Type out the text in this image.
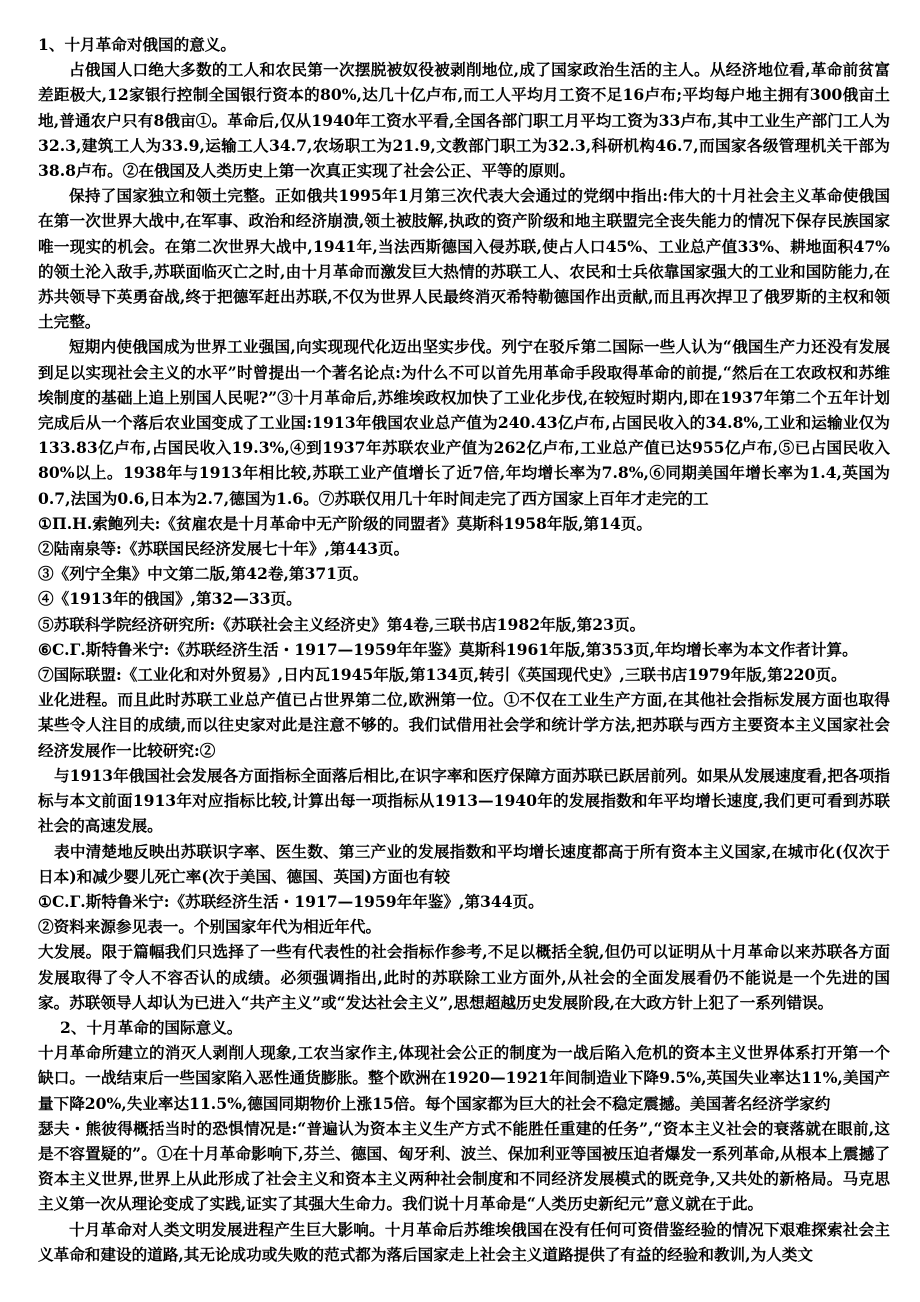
1、十月革命对俄国的意义。

占俄国人口绝大多数的工人和农民第一次摆脱被奴役被剥削地位,成了国家政治生活的主人。从经济地位看,革命前贫富差距极大,12家银行控制全国银行资本的80%,达几十亿卢布,而工人平均月工资不足16卢布;平均每户地主拥有300俄亩土地,普通农户只有8俄亩①。革命后,仅从1940年工资水平看,全国各部门职工月平均工资为33卢布,其中工业生产部门工人为32.3,建筑工人为33.9,运输工人34.7,农场职工为21.9,文教部门职工为32.3,科研机构46.7,而国家各级管理机关干部为38.8卢布。②在俄国及人类历史上第一次真正实现了社会公正、平等的原则。

保持了国家独立和领土完整。正如俄共1995年1月第三次代表大会通过的党纲中指出:伟大的十月社会主义革命使俄国在第一次世界大战中,在军事、政治和经济崩溃,领土被肢解,执政的资产阶级和地主联盟完全丧失能力的情况下保存民族国家唯一现实的机会。在第二次世界大战中,1941年,当法西斯德国入侵苏联,使占人口45%、工业总产值33%、耕地面积47%的领土沦入敌手,苏联面临灭亡之时,由十月革命而激发巨大热情的苏联工人、农民和士兵依靠国家强大的工业和国防能力,在苏共领导下英勇奋战,终于把德军赶出苏联,不仅为世界人民最终消灭希特勒德国作出贡献,而且再次捍卫了俄罗斯的主权和领土完整。

短期内使俄国成为世界工业强国,向实现现代化迈出坚实步伐。列宁在驳斥第二国际一些人认为“俄国生产力还没有发展到足以实现社会主义的水平”时曾提出一个著名论点:为什么不可以首先用革命手段取得革命的前提,“然后在工农政权和苏维埃制度的基础上追上别国人民呢?”③十月革命后,苏维埃政权加快了工业化步伐,在较短时期内,即在1937年第二个五年计划完成后从一个落后农业国变成了工业国:1913年俄国农业总产值为240.43亿卢布,占国民收入的34.8%,工业和运输业仅为133.83亿卢布,占国民收入19.3%,④到1937年苏联农业产值为262亿卢布,工业总产值已达955亿卢布,⑤已占国民收入80%以上。1938年与1913年相比较,苏联工业产值增长了近7倍,年均增长率为7.8%,⑥同期美国年增长率为1.4,英国为0.7,法国为0.6,日本为2.7,德国为1.6。⑦苏联仅用几十年时间走完了西方国家上百年才走完的工

①П.Н.索鲍列夫:《贫雇农是十月革命中无产阶级的同盟者》莫斯科1958年版,第14页。

②陆南泉等:《苏联国民经济发展七十年》,第443页。

③《列宁全集》中文第二版,第42卷,第371页。

④《1913年的俄国》,第32—33页。

⑤苏联科学院经济研究所:《苏联社会主义经济史》第4卷,三联书店1982年版,第23页。

⑥C.Г.斯特鲁米宁:《苏联经济生活・1917—1959年年鉴》莫斯科1961年版,第353页,年均增长率为本文作者计算。

⑦国际联盟:《工业化和对外贸易》,日内瓦1945年版,第134页,转引《英国现代史》,三联书店1979年版,第220页。

业化进程。而且此时苏联工业总产值已占世界第二位,欧洲第一位。①不仅在工业生产方面,在其他社会指标发展方面也取得某些令人注目的成绩,而以往史家对此是注意不够的。我们试借用社会学和统计学方法,把苏联与西方主要资本主义国家社会经济发展作一比较研究:②

与1913年俄国社会发展各方面指标全面落后相比,在识字率和医疗保障方面苏联已跃居前列。如果从发展速度看,把各项指标与本文前面1913年对应指标比较,计算出每一项指标从1913—1940年的发展指数和年平均增长速度,我们更可看到苏联社会的高速发展。

表中清楚地反映出苏联识字率、医生数、第三产业的发展指数和平均增长速度都高于所有资本主义国家,在城市化(仅次于日本)和减少婴儿死亡率(次于美国、德国、英国)方面也有较

①C.Г.斯特鲁米宁:《苏联经济生活・1917—1959年年鉴》,第344页。

②资料来源参见表一。个别国家年代为相近年代。

大发展。限于篇幅我们只选择了一些有代表性的社会指标作参考,不足以概括全貌,但仍可以证明从十月革命以来苏联各方面发展取得了令人不容否认的成绩。必须强调指出,此时的苏联除工业方面外,从社会的全面发展看仍不能说是一个先进的国家。苏联领导人却认为已进入“共产主义”或“发达社会主义”,思想超越历史发展阶段,在大政方针上犯了一系列错误。

2、十月革命的国际意义。

十月革命所建立的消灭人剥削人现象,工农当家作主,体现社会公正的制度为一战后陷入危机的资本主义世界体系打开第一个缺口。一战结束后一些国家陷入恶性通货膨胀。整个欧洲在1920—1921年间制造业下降9.5%,英国失业率达11%,美国产量下降20%,失业率达11.5%,德国同期物价上涨15倍。每个国家都为巨大的社会不稳定震撼。美国著名经济学家约

瑟夫・熊彼得概括当时的恐惧情况是:“普遍认为资本主义生产方式不能胜任重建的任务”,“资本主义社会的衰落就在眼前,这是不容置疑的”。①在十月革命影响下,芬兰、德国、匈牙利、波兰、保加利亚等国被压迫者爆发一系列革命,从根本上震撼了资本主义世界,世界上从此形成了社会主义和资本主义两种社会制度和不同经济发展模式的既竞争,又共处的新格局。马克思主义第一次从理论变成了实践,证实了其强大生命力。我们说十月革命是“人类历史新纪元”意义就在于此。

十月革命对人类文明发展进程产生巨大影响。十月革命后苏维埃俄国在没有任何可资借鉴经验的情况下艰难探索社会主义革命和建设的道路,其无论成功或失败的范式都为落后国家走上社会主义道路提供了有益的经验和教训,为人类文
